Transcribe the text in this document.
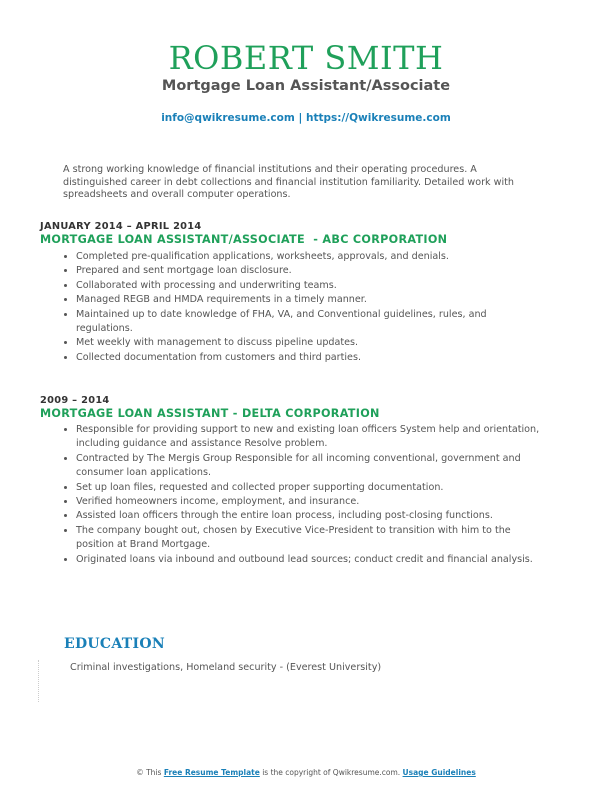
ROBERT SMITH
Mortgage Loan Assistant/Associate
info@qwikresume.com | https://Qwikresume.com

A strong working knowledge of financial institutions and their operating procedures. A distinguished career in debt collections and financial institution familiarity. Detailed work with spreadsheets and overall computer operations.

JANUARY 2014 – APRIL 2014
MORTGAGE LOAN ASSISTANT/ASSOCIATE  - ABC CORPORATION
• Completed pre-qualification applications, worksheets, approvals, and denials.
• Prepared and sent mortgage loan disclosure.
• Collaborated with processing and underwriting teams.
• Managed REGB and HMDA requirements in a timely manner.
• Maintained up to date knowledge of FHA, VA, and Conventional guidelines, rules, and regulations.
• Met weekly with management to discuss pipeline updates.
• Collected documentation from customers and third parties.
2009 – 2014
MORTGAGE LOAN ASSISTANT - DELTA CORPORATION
• Responsible for providing support to new and existing loan officers System help and orientation, including guidance and assistance Resolve problem.
• Contracted by The Mergis Group Responsible for all incoming conventional, government and consumer loan applications.
• Set up loan files, requested and collected proper supporting documentation.
• Verified homeowners income, employment, and insurance.
• Assisted loan officers through the entire loan process, including post-closing functions.
• The company bought out, chosen by Executive Vice-President to transition with him to the position at Brand Mortgage.
• Originated loans via inbound and outbound lead sources; conduct credit and financial analysis.
EDUCATION
Criminal investigations, Homeland security - (Everest University)
© This Free Resume Template is the copyright of Qwikresume.com. Usage Guidelines
